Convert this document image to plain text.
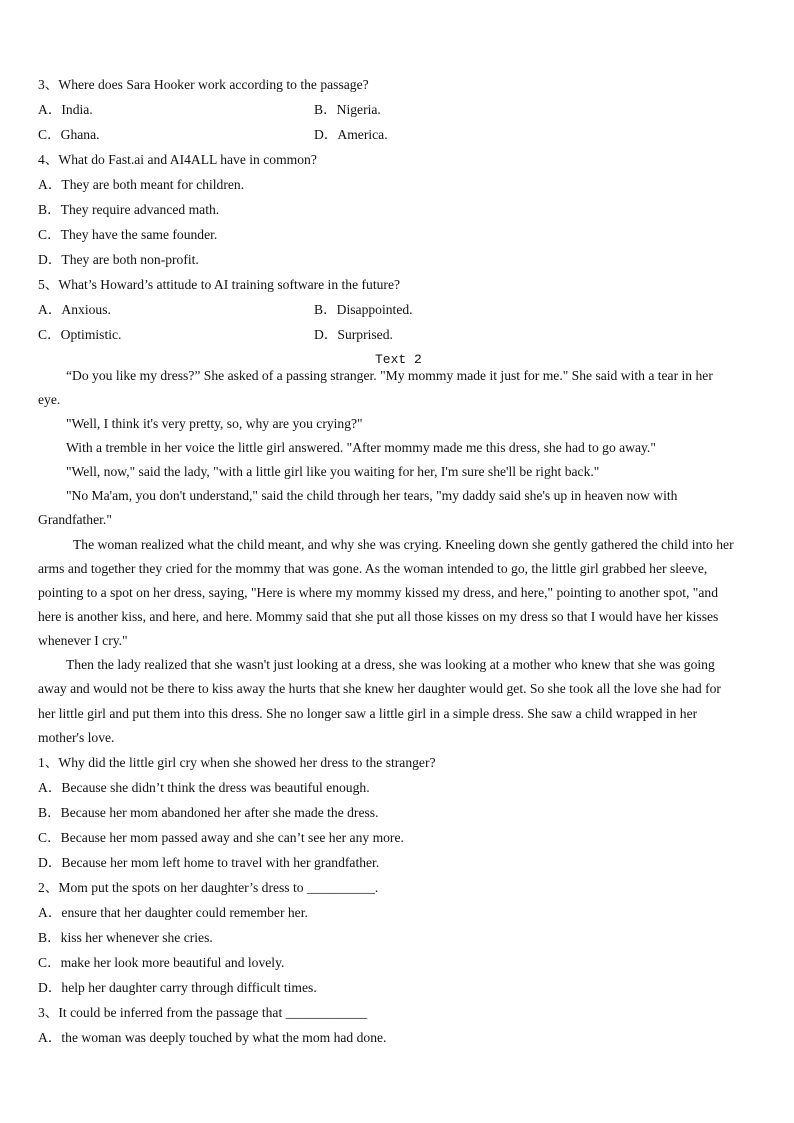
3、Where does Sara Hooker work according to the passage?
A．India.	B．Nigeria.
C．Ghana.	D．America.
4、What do Fast.ai and AI4ALL have in common?
A．They are both meant for children.
B．They require advanced math.
C．They have the same founder.
D．They are both non-profit.
5、What’s Howard’s attitude to AI training software in the future?
A．Anxious.	B．Disappointed.
C．Optimistic.	D．Surprised.
Text 2
“Do you like my dress?” She asked of a passing stranger. "My mommy made it just for me." She said with a tear in her
eye.
"Well, I think it's very pretty, so, why are you crying?"
With a tremble in her voice the little girl answered. "After mommy made me this dress, she had to go away."
"Well, now," said the lady, "with a little girl like you waiting for her, I'm sure she'll be right back."
"No Ma'am, you don't understand," said the child through her tears, "my daddy said she's up in heaven now with
Grandfather."
The woman realized what the child meant, and why she was crying. Kneeling down she gently gathered the child into her
arms and together they cried for the mommy that was gone. As the woman intended to go, the little girl grabbed her sleeve,
pointing to a spot on her dress, saying, "Here is where my mommy kissed my dress, and here," pointing to another spot, "and
here is another kiss, and here, and here. Mommy said that she put all those kisses on my dress so that I would have her kisses
whenever I cry."
Then the lady realized that she wasn't just looking at a dress, she was looking at a mother who knew that she was going
away and would not be there to kiss away the hurts that she knew her daughter would get. So she took all the love she had for
her little girl and put them into this dress. She no longer saw a little girl in a simple dress. She saw a child wrapped in her
mother's love.
1、Why did the little girl cry when she showed her dress to the stranger?
A．Because she didn’t think the dress was beautiful enough.
B．Because her mom abandoned her after she made the dress.
C．Because her mom passed away and she can’t see her any more.
D．Because her mom left home to travel with her grandfather.
2、Mom put the spots on her daughter’s dress to __________.
A．ensure that her daughter could remember her.
B．kiss her whenever she cries.
C．make her look more beautiful and lovely.
D．help her daughter carry through difficult times.
3、It could be inferred from the passage that ____________
A．the woman was deeply touched by what the mom had done.
